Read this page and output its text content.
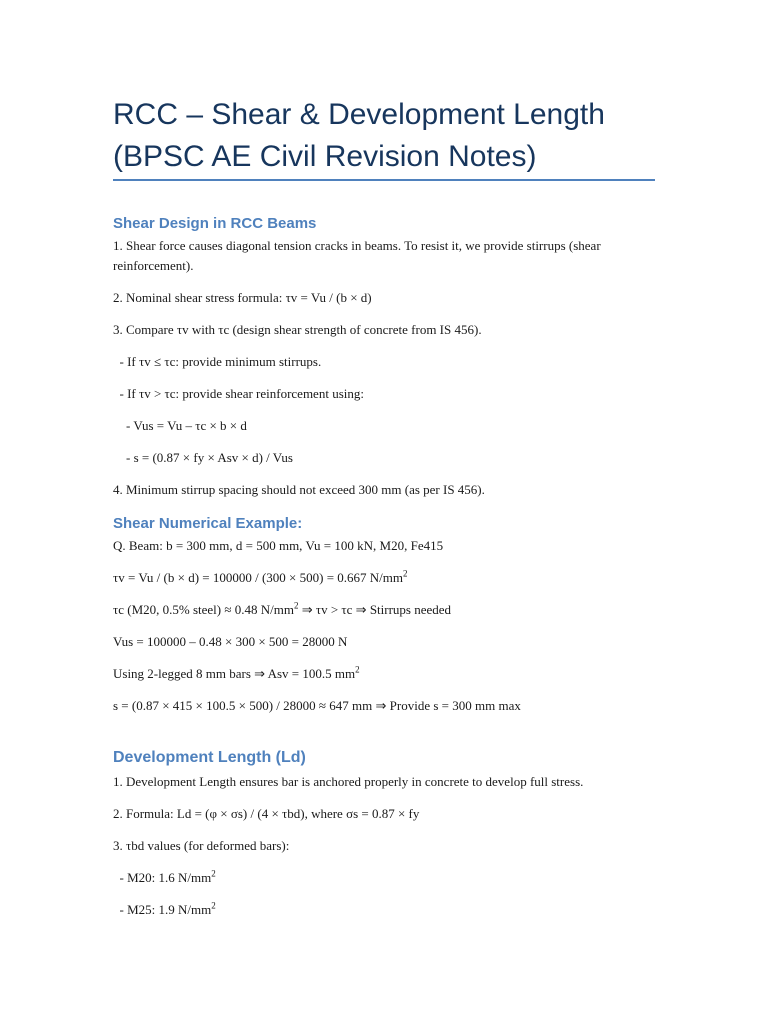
RCC – Shear & Development Length
(BPSC AE Civil Revision Notes)
Shear Design in RCC Beams

1. Shear force causes diagonal tension cracks in beams. To resist it, we provide stirrups (shear reinforcement).

2. Nominal shear stress formula: τv = Vu / (b × d)

3. Compare τv with τc (design shear strength of concrete from IS 456).

- If τv ≤ τc: provide minimum stirrups.

- If τv > τc: provide shear reinforcement using:

- Vus = Vu – τc × b × d

- s = (0.87 × fy × Asv × d) / Vus

4. Minimum stirrup spacing should not exceed 300 mm (as per IS 456).

Shear Numerical Example:

Q. Beam: b = 300 mm, d = 500 mm, Vu = 100 kN, M20, Fe415

τv = Vu / (b × d) = 100000 / (300 × 500) = 0.667 $N/mm^2$

τc (M20, 0.5% steel) ≈ 0.48 $N/mm^2$ ⇒ τv > τc ⇒ Stirrups needed

Vus = 100000 – 0.48 × 300 × 500 = 28000 N

Using 2-legged 8 mm bars ⇒ Asv = 100.5 $mm^2$

s = (0.87 × 415 × 100.5 × 500) / 28000 ≈ 647 mm ⇒ Provide s = 300 mm max

Development Length (Ld)

1. Development Length ensures bar is anchored properly in concrete to develop full stress.

2. Formula: Ld = (φ × σs) / (4 × τbd), where σs = 0.87 × fy

3. τbd values (for deformed bars):

- M20: 1.6 $N/mm^2$

- M25: 1.9 $N/mm^2$
